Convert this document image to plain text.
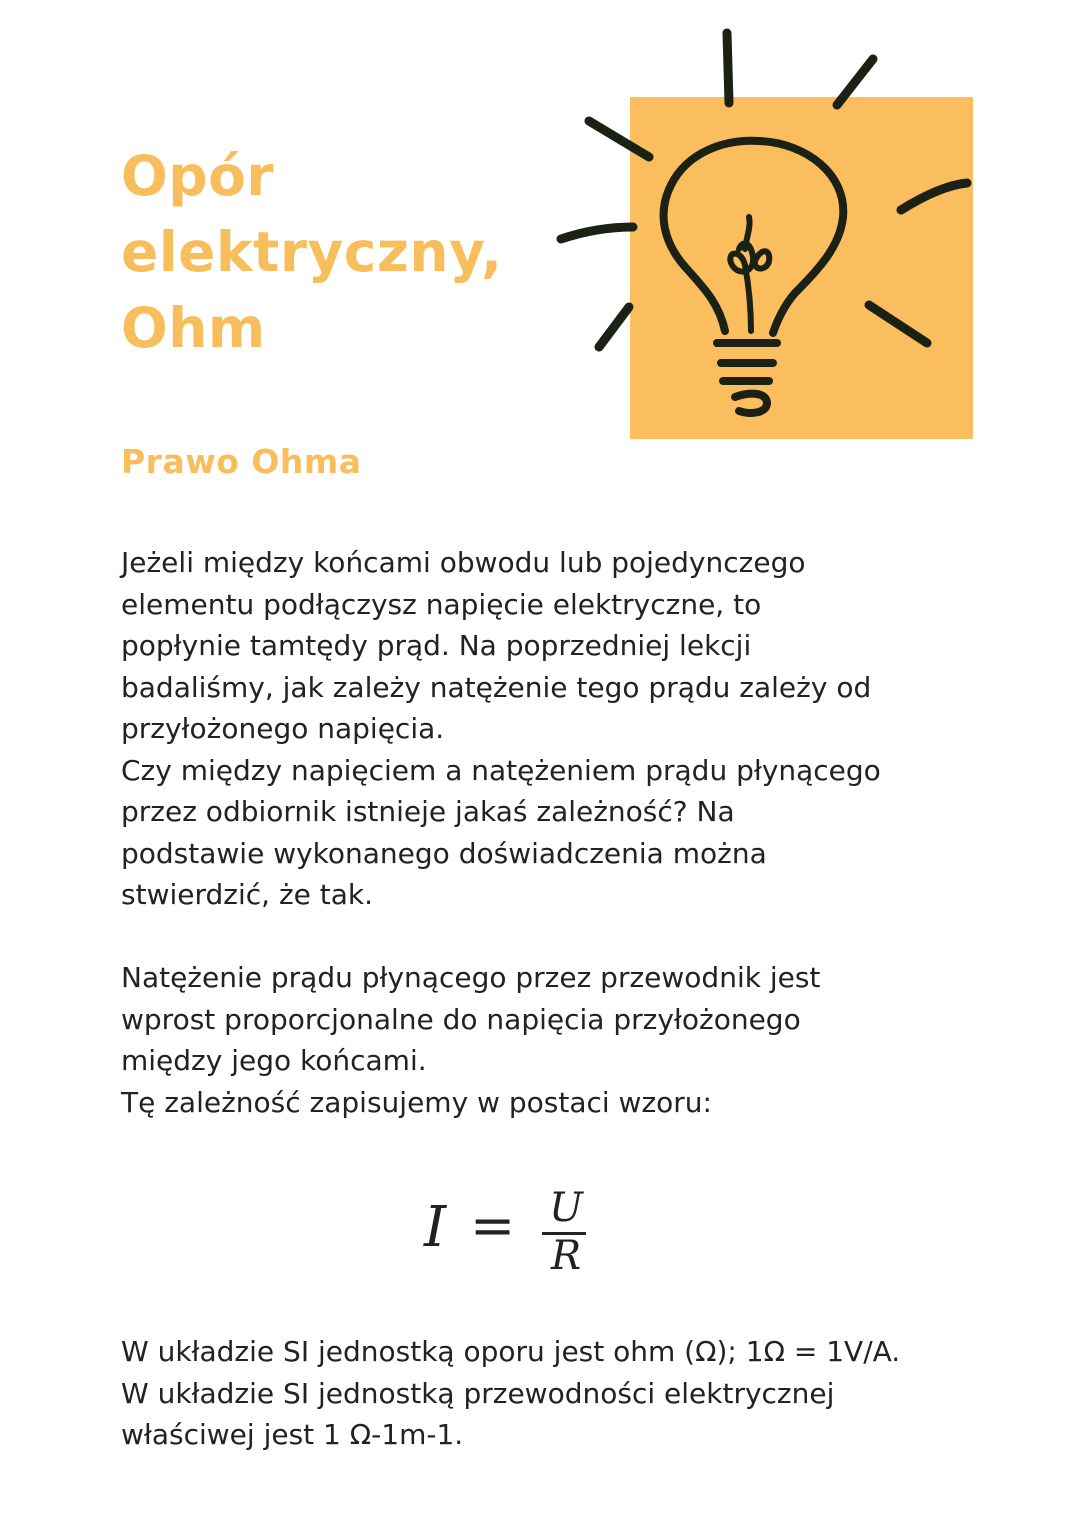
Opór
elektryczny,
Ohm
Prawo Ohma
Jeżeli między końcami obwodu lub pojedynczego
elementu podłączysz napięcie elektryczne, to
popłynie tamtędy prąd. Na poprzedniej lekcji
badaliśmy, jak zależy natężenie tego prądu zależy od
przyłożonego napięcia.
Czy między napięciem a natężeniem prądu płynącego
przez odbiornik istnieje jakaś zależność? Na
podstawie wykonanego doświadczenia można
stwierdzić, że tak.
Natężenie prądu płynącego przez przewodnik jest
wprost proporcjonalne do napięcia przyłożonego
między jego końcami.
Tę zależność zapisujemy w postaci wzoru:
I = U
R
W układzie SI jednostką oporu jest ohm (Ω); 1Ω = 1V/A.
W układzie SI jednostką przewodności elektrycznej
właściwej jest 1 Ω-1m-1.
